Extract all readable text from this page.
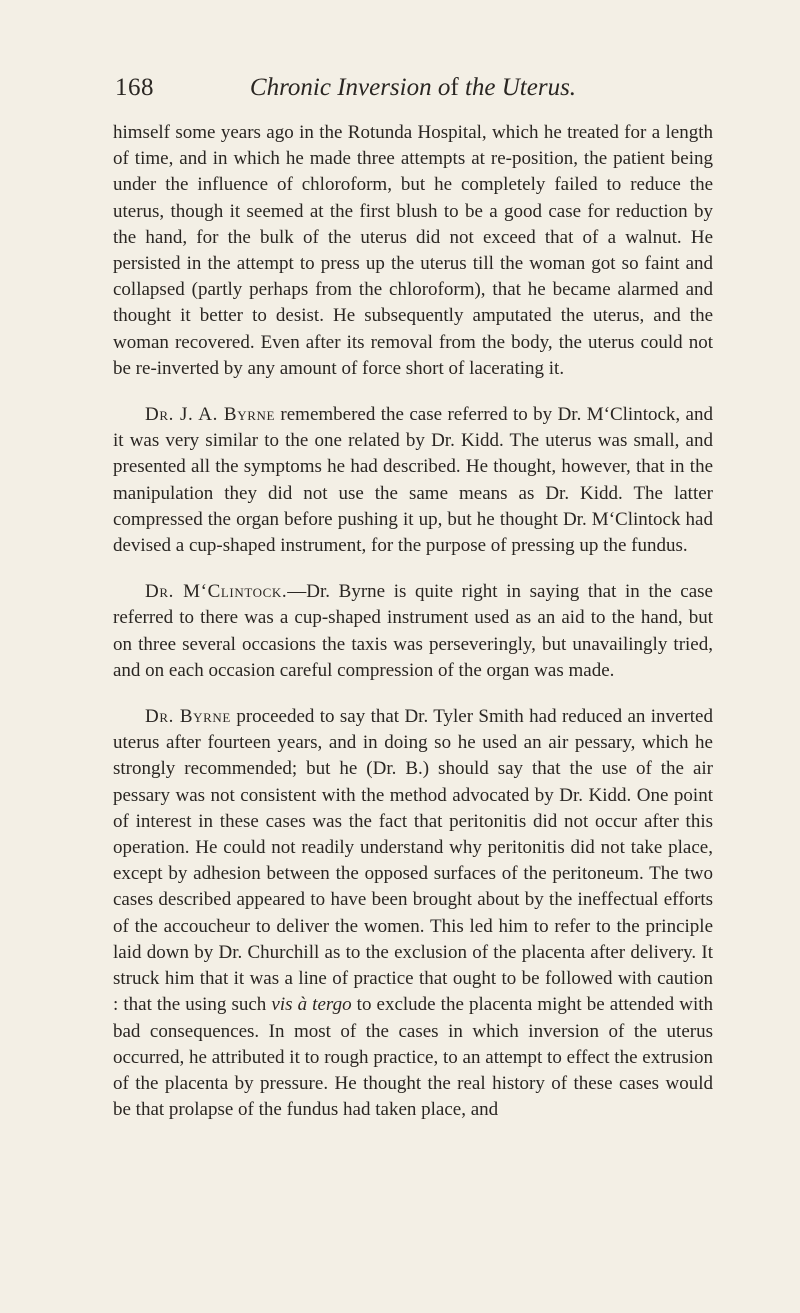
168	Chronic Inversion of the Uterus.

himself some years ago in the Rotunda Hospital, which he treated for a length of time, and in which he made three attempts at re-position, the patient being under the influence of chloroform, but he completely failed to reduce the uterus, though it seemed at the first blush to be a good case for reduction by the hand, for the bulk of the uterus did not exceed that of a walnut. He persisted in the attempt to press up the uterus till the woman got so faint and collapsed (partly perhaps from the chloroform), that he became alarmed and thought it better to desist. He subsequently amputated the uterus, and the woman recovered. Even after its removal from the body, the uterus could not be re-inverted by any amount of force short of lacerating it.

Dr. J. A. Byrne remembered the case referred to by Dr. M‘Clintock, and it was very similar to the one related by Dr. Kidd. The uterus was small, and presented all the symptoms he had described. He thought, however, that in the manipulation they did not use the same means as Dr. Kidd. The latter compressed the organ before pushing it up, but he thought Dr. M‘Clintock had devised a cup-shaped instrument, for the purpose of pressing up the fundus.

Dr. M‘Clintock.—Dr. Byrne is quite right in saying that in the case referred to there was a cup-shaped instrument used as an aid to the hand, but on three several occasions the taxis was perseveringly, but unavailingly tried, and on each occasion careful compression of the organ was made.

Dr. Byrne proceeded to say that Dr. Tyler Smith had reduced an inverted uterus after fourteen years, and in doing so he used an air pessary, which he strongly recommended; but he (Dr. B.) should say that the use of the air pessary was not consistent with the method advocated by Dr. Kidd. One point of interest in these cases was the fact that peritonitis did not occur after this operation. He could not readily understand why peritonitis did not take place, except by adhesion between the opposed surfaces of the peritoneum. The two cases described appeared to have been brought about by the ineffectual efforts of the accoucheur to deliver the women. This led him to refer to the principle laid down by Dr. Churchill as to the exclusion of the placenta after delivery. It struck him that it was a line of practice that ought to be followed with caution : that the using such vis à tergo to exclude the placenta might be attended with bad consequences. In most of the cases in which inversion of the uterus occurred, he attributed it to rough practice, to an attempt to effect the extrusion of the placenta by pressure. He thought the real history of these cases would be that prolapse of the fundus had taken place, and
